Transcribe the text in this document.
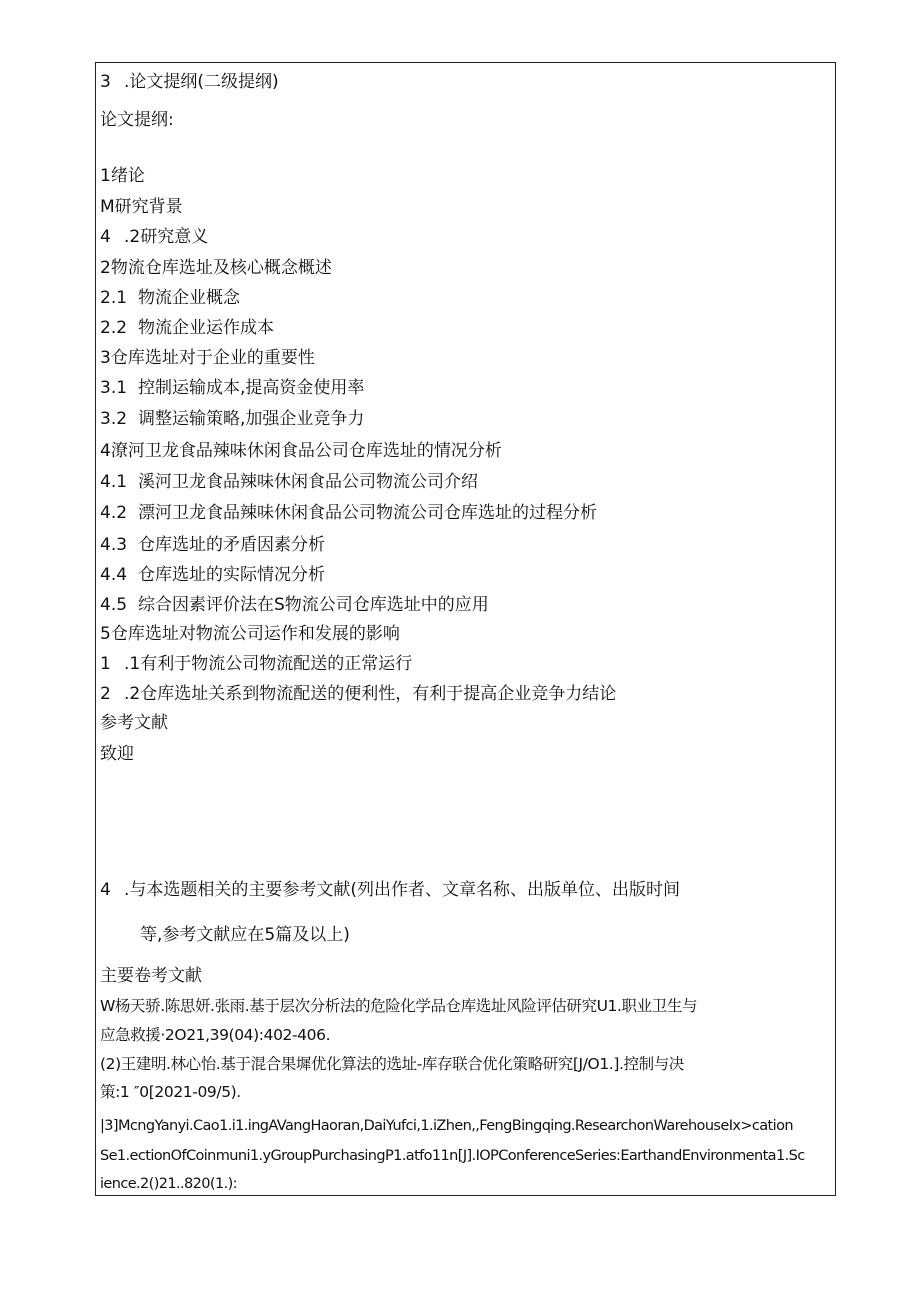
3 .论文提纲(二级提纲)
论文提纲:
1绪论
M研究背景
4 .2研究意义
2物流仓库选址及核心概念概述
2.1 物流企业概念
2.2 物流企业运作成本
3仓库选址对于企业的重要性
3.1 控制运输成本,提高资金使用率
3.2 调整运输策略,加强企业竞争力
4潦河卫龙食品辣味休闲食品公司仓库选址的情况分析
4.1 溪河卫龙食品辣味休闲食品公司物流公司介绍
4.2 漂河卫龙食品辣味休闲食品公司物流公司仓库选址的过程分析
4.3 仓库选址的矛盾因素分析
4.4 仓库选址的实际情况分析
4.5 综合因素评价法在S物流公司仓库选址中的应用
5仓库选址对物流公司运作和发展的影响
1 .1有利于物流公司物流配送的正常运行
2 .2仓库选址关系到物流配送的便利性，有利于提高企业竞争力结论
参考文献
致迎
4 .与本选题相关的主要参考文献(列出作者、文章名称、出版单位、出版时间
等,参考文献应在5篇及以上)
主要卷考文献
W杨天骄.陈思妍.张雨.基于层次分析法的危险化学品仓库选址风险评估研究U1.职业卫生与
应急救援·2O21,39(04):402-406.
(2)王建明.林心怡.基于混合果墀优化算法的选址-库存联合优化策略研究[J/O1.].控制与决
策:1 ″0[2021-09/5).
|3]McngYanyi.Cao1.i1.ingAVangHaoran,DaiYufci,1.iZhen,,FengBingqing.ResearchonWarehouseIx>cation
Se1.ectionOfCoinmuni1.yGroupPurchasingP1.atfo11n[J].IOPConferenceSeries:EarthandEnvironmenta1.Sc
ience.2()21..820(1.):
